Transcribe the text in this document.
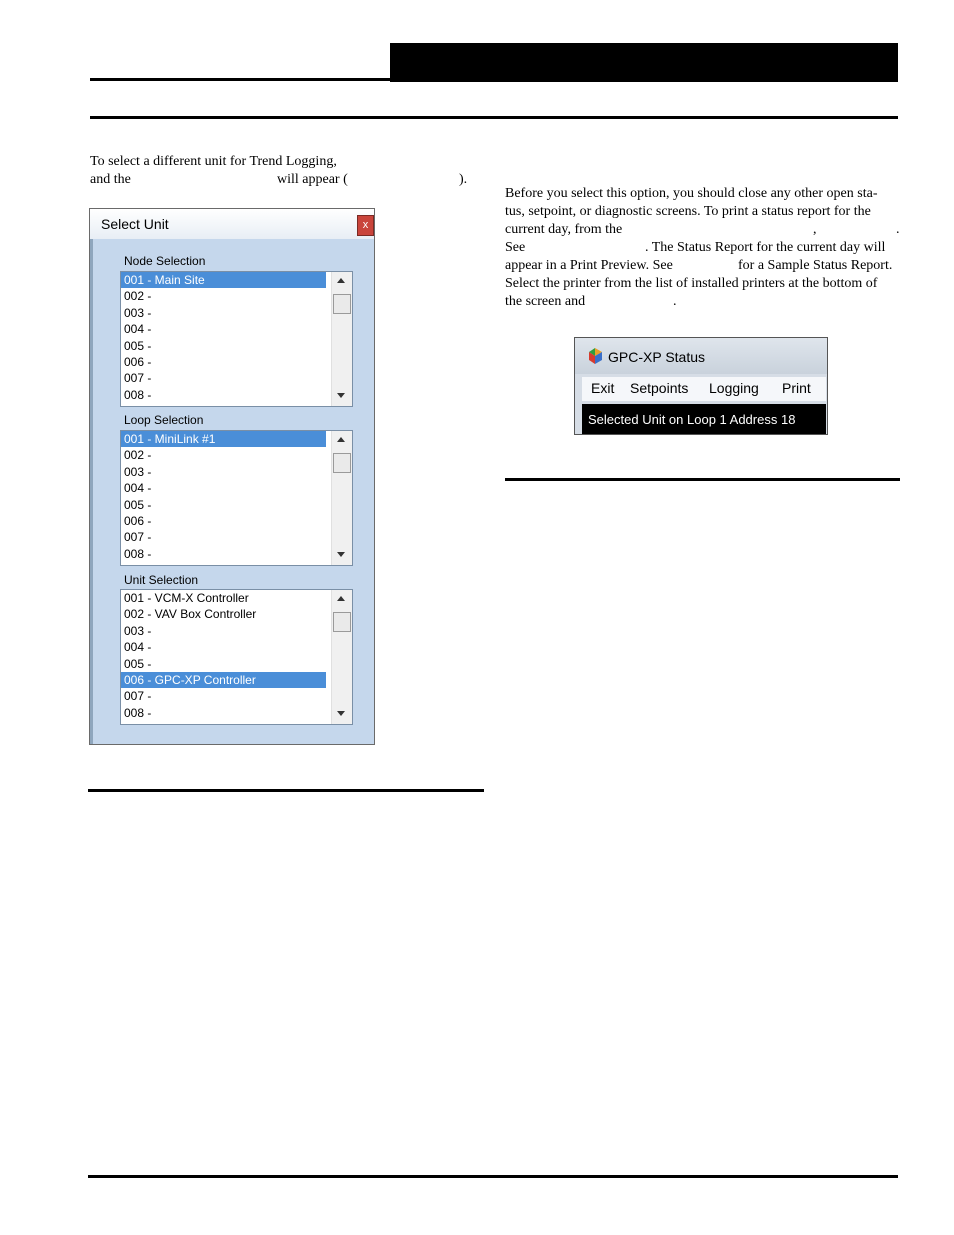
To select a different unit for Trend Logging,
and the	will appear (	).
Before you select this option, you should close any other open sta-
tus, setpoint, or diagnostic screens. To print a status report for the
current day, from the	,	.
See	. The Status Report for the current day will
appear in a Print Preview. See	for a Sample Status Report.
Select the printer from the list of installed printers at the bottom of
the screen and	.
Select Unit	x
Node Selection
001 - Main Site
002 -
003 -
004 -
005 -
006 -
007 -
008 -
Loop Selection
001 - MiniLink #1
002 -
003 -
004 -
005 -
006 -
007 -
008 -
Unit Selection
001 - VCM-X Controller
002 - VAV Box Controller
003 -
004 -
005 -
006 - GPC-XP Controller
007 -
008 -
GPC-XP Status
Exit Setpoints Logging Print
Selected Unit on Loop 1 Address 18
